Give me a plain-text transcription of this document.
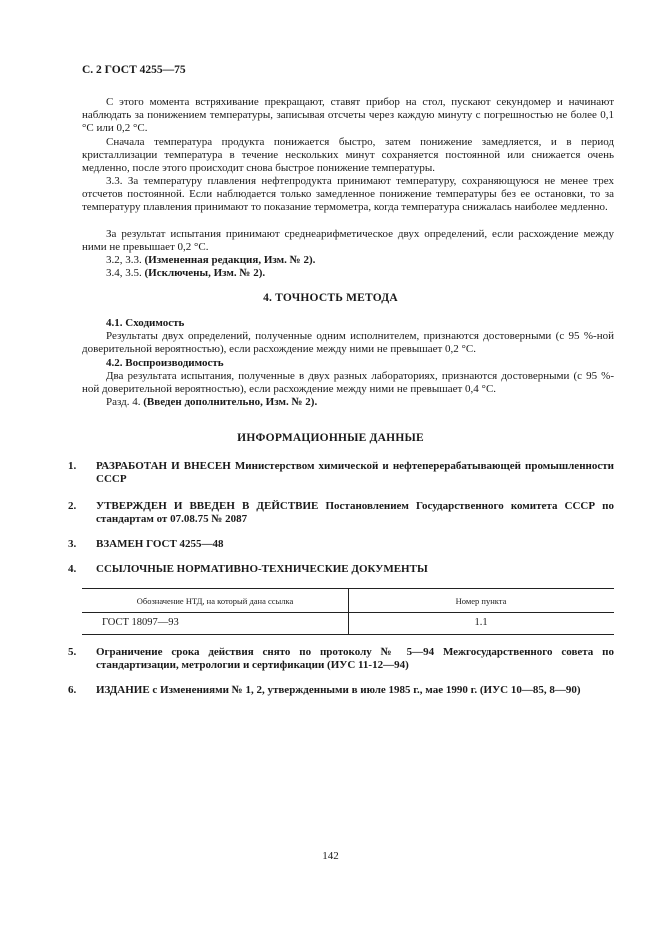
С. 2 ГОСТ 4255—75
С этого момента встряхивание прекращают, ставят прибор на стол, пускают секундомер и начинают наблюдать за понижением температуры, записывая отсчеты через каждую минуту с погрешностью не более 0,1 °С или 0,2 °С.
Сначала температура продукта понижается быстро, затем понижение замедляется, и в период кристаллизации температура в течение нескольких минут сохраняется постоянной или снижается очень медленно, после этого происходит снова быстрое понижение температуры.
3.3. За температуру плавления нефтепродукта принимают температуру, сохраняющуюся не менее трех отсчетов постоянной. Если наблюдается только замедленное понижение температуры без ее остановки, то за температуру плавления принимают то показание термометра, когда температура снижалась наиболее медленно.
За результат испытания принимают среднеарифметическое двух определений, если расхождение между ними не превышает 0,2 °С.
3.2, 3.3. (Измененная редакция, Изм. № 2).
3.4, 3.5. (Исключены, Изм. № 2).
4. ТОЧНОСТЬ МЕТОДА
4.1. Сходимость
Результаты двух определений, полученные одним исполнителем, признаются достоверными (с 95 %-ной доверительной вероятностью), если расхождение между ними не превышает 0,2 °С.
4.2. Воспроизводимость
Два результата испытания, полученные в двух разных лабораториях, признаются достоверными (с 95 %-ной доверительной вероятностью), если расхождение между ними не превышает 0,4 °С.
Разд. 4. (Введен дополнительно, Изм. № 2).
ИНФОРМАЦИОННЫЕ ДАННЫЕ
1. РАЗРАБОТАН И ВНЕСЕН Министерством химической и нефтеперерабатывающей промышленности СССР
2. УТВЕРЖДЕН И ВВЕДЕН В ДЕЙСТВИЕ Постановлением Государственного комитета СССР по стандартам от 07.08.75 № 2087
3. ВЗАМЕН ГОСТ 4255—48
4. ССЫЛОЧНЫЕ НОРМАТИВНО-ТЕХНИЧЕСКИЕ ДОКУМЕНТЫ
Обозначение НТД, на который дана ссылка	Номер пункта
ГОСТ 18097—93	1.1
5. Ограничение срока действия снято по протоколу № 5—94 Межгосударственного совета по стандартизации, метрологии и сертификации (ИУС 11-12—94)
6. ИЗДАНИЕ с Изменениями № 1, 2, утвержденными в июле 1985 г., мае 1990 г. (ИУС 10—85, 8—90)
142
